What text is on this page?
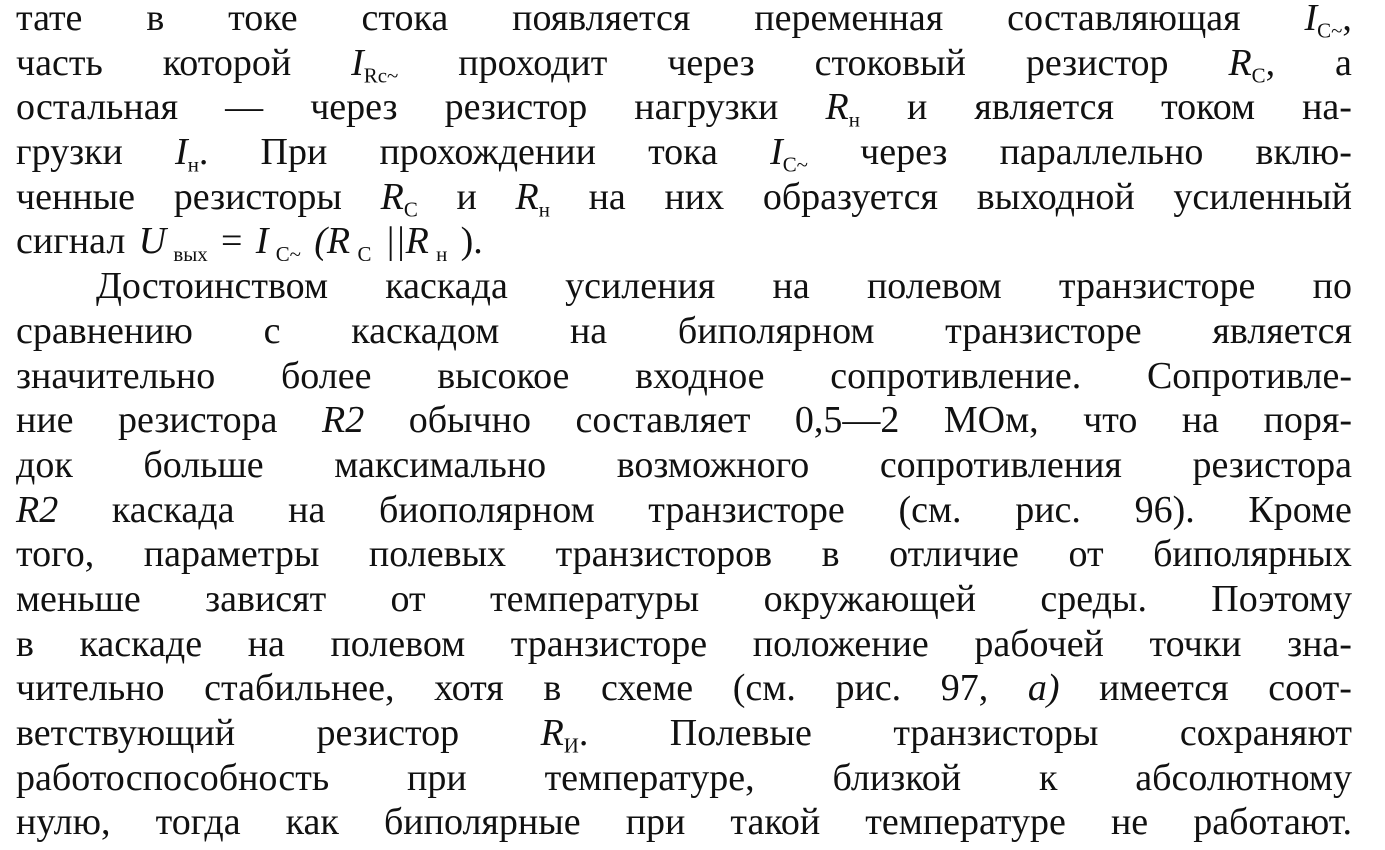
тате в токе стока появляется переменная составляющая IC~,
часть которой IRc~ проходит через стоковый резистор RC, а
остальная — через резистор нагрузки Rн и является током на-
грузки Iн. При прохождении тока IC~ через параллельно вклю-
ченные резисторы RC и Rн на них образуется выходной усиленный
сигнал Uвых = I C~ (R C ||R н ).
Достоинством каскада усиления на полевом транзисторе по
сравнению с каскадом на биполярном транзисторе является
значительно более высокое входное сопротивление. Сопротивле-
ние резистора R2 обычно составляет 0,5—2 МОм, что на поря-
док больше максимально возможного сопротивления резистора
R2 каскада на биополярном транзисторе (см. рис. 96). Кроме
того, параметры полевых транзисторов в отличие от биполярных
меньше зависят от температуры окружающей среды. Поэтому
в каскаде на полевом транзисторе положение рабочей точки зна-
чительно стабильнее, хотя в схеме (см. рис. 97, а) имеется соот-
ветствующий резистор RИ. Полевые транзисторы сохраняют
работоспособность при температуре, близкой к абсолютному
нулю, тогда как биполярные при такой температуре не работают.
